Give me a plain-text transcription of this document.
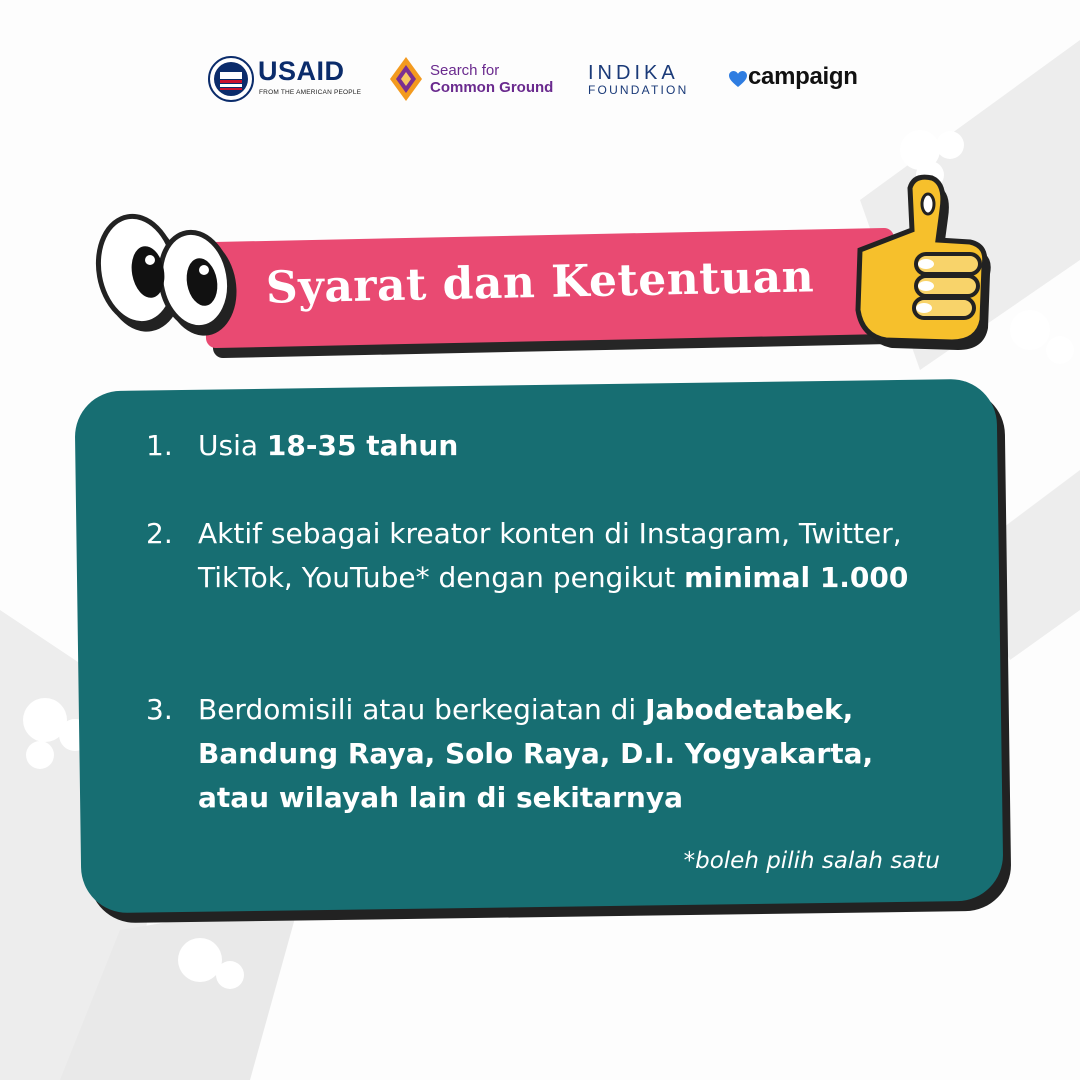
USAID
FROM THE AMERICAN PEOPLE
Search for
Common Ground
INDIKA
FOUNDATION campaign
Syarat dan Ketentuan
1. Usia 18-35 tahun
2. Aktif sebagai kreator konten di Instagram, Twitter, TikTok, YouTube* dengan pengikut minimal 1.000
3. Berdomisili atau berkegiatan di Jabodetabek, Bandung Raya, Solo Raya, D.I. Yogyakarta, atau wilayah lain di sekitarnya
*boleh pilih salah satu
